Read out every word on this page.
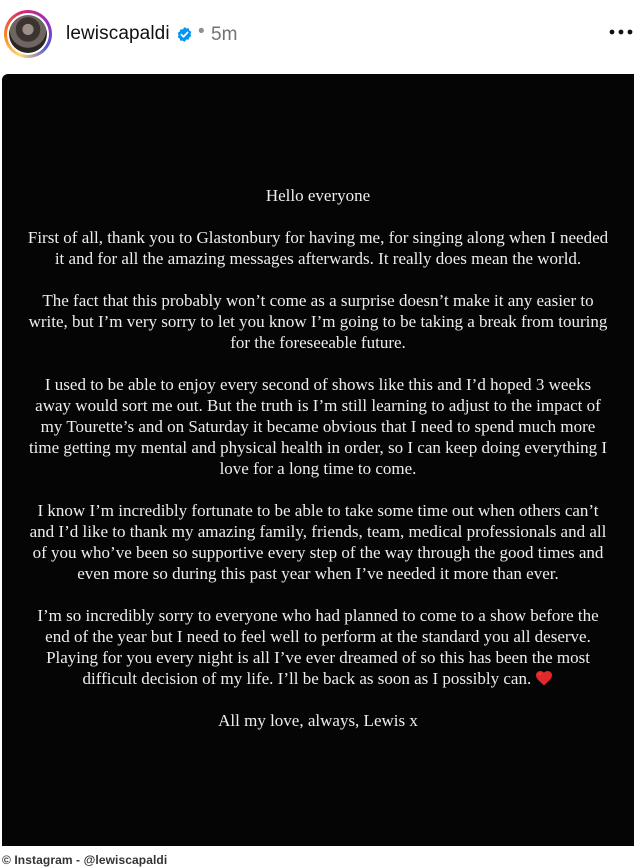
lewiscapaldi • 5m

Hello everyone

First of all, thank you to Glastonbury for having me, for singing along when I needed it and for all the amazing messages afterwards. It really does mean the world.

The fact that this probably won’t come as a surprise doesn’t make it any easier to write, but I’m very sorry to let you know I’m going to be taking a break from touring for the foreseeable future.

I used to be able to enjoy every second of shows like this and I’d hoped 3 weeks away would sort me out. But the truth is I’m still learning to adjust to the impact of my Tourette’s and on Saturday it became obvious that I need to spend much more time getting my mental and physical health in order, so I can keep doing everything I love for a long time to come.

I know I’m incredibly fortunate to be able to take some time out when others can’t and I’d like to thank my amazing family, friends, team, medical professionals and all of you who’ve been so supportive every step of the way through the good times and even more so during this past year when I’ve needed it more than ever.

I’m so incredibly sorry to everyone who had planned to come to a show before the end of the year but I need to feel well to perform at the standard you all deserve. Playing for you every night is all I’ve ever dreamed of so this has been the most difficult decision of my life. I’ll be back as soon as I possibly can.

All my love, always, Lewis x

© Instagram - @lewiscapaldi
